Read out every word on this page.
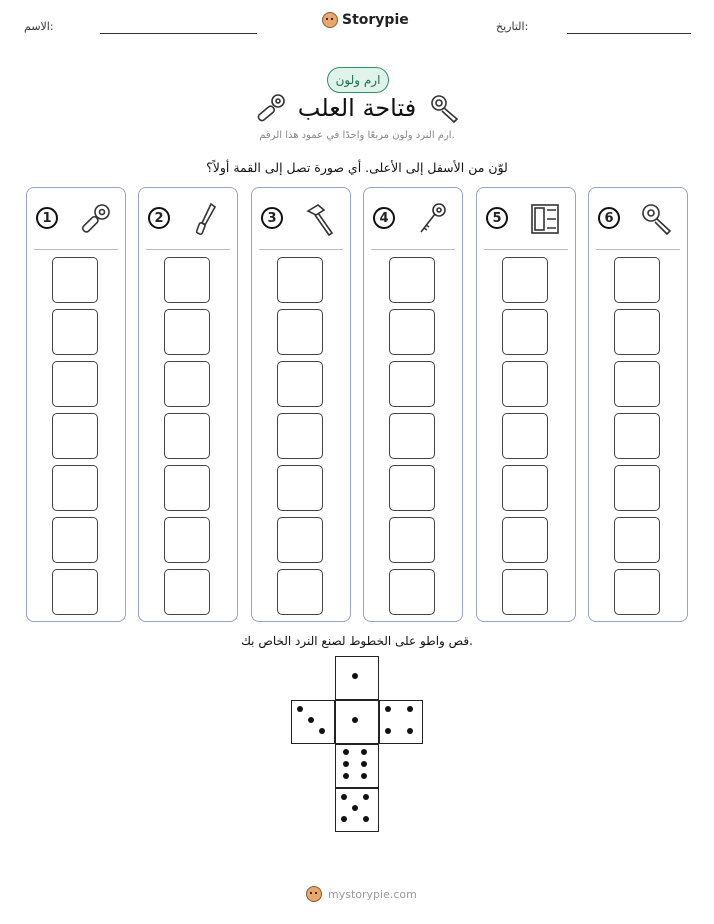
الاسم:	Storypie	التاريخ:
ارم ولون
فتاحة العلب
ارم النرد ولون مربعًا واحدًا في عمود هذا الرقم.
لوّن من الأسفل إلى الأعلى. أي صورة تصل إلى القمة أولاً؟
1	2	3	4	5	6
قص واطو على الخطوط لصنع النرد الخاص بك.
mystorypie.com
